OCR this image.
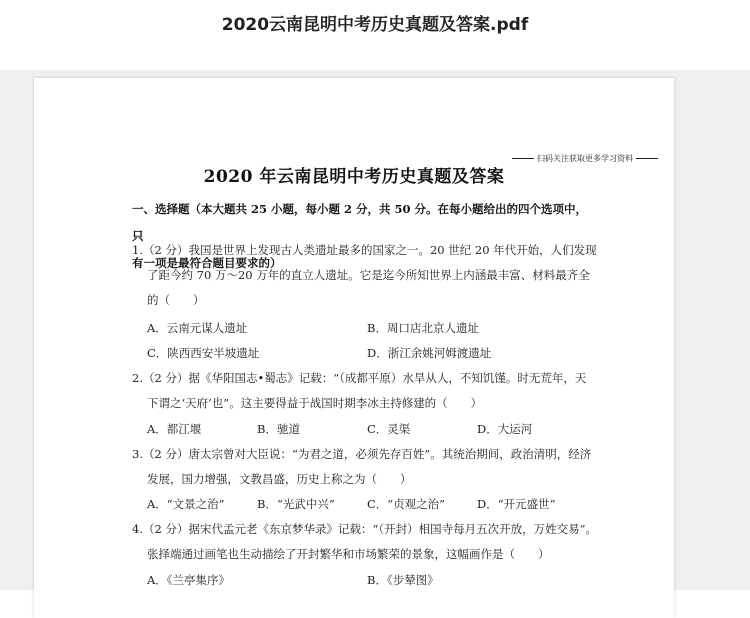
2020云南昆明中考历史真题及答案.pdf
扫码关注获取更多学习资料
2020 年云南昆明中考历史真题及答案
一、选择题（本大题共 25 小题，每小题 2 分，共 50 分。在每小题给出的四个选项中，只
有一项是最符合题目要求的）
1.（2 分）我国是世界上发现古人类遗址最多的国家之一。20 世纪 20 年代开始，人们发现
了距今约 70 万～20 万年的直立人遗址。它是迄今所知世界上内涵最丰富、材料最齐全
的（　　）
A．云南元谋人遗址	B．周口店北京人遗址
C．陕西西安半坡遗址	D．浙江余姚河姆渡遗址
2.（2 分）据《华阳国志•蜀志》记载：“（成都平原）水旱从人，不知饥馑。时无荒年，天
下谓之‘天府’也”。这主要得益于战国时期李冰主持修建的（　　）
A．都江堰	B．驰道	C．灵渠	D．大运河
3.（2 分）唐太宗曾对大臣说：“为君之道，必须先存百姓”。其统治期间，政治清明，经济
发展，国力增强，文教昌盛，历史上称之为（　　）
A．“文景之治”	B．“光武中兴”	C．“贞观之治”	D．“开元盛世”
4.（2 分）据宋代孟元老《东京梦华录》记载：“（开封）相国寺每月五次开放，万姓交易”。
张择端通过画笔也生动描绘了开封繁华和市场繁荣的景象，这幅画作是（　　）
A．《兰亭集序》	B．《步辇图》
